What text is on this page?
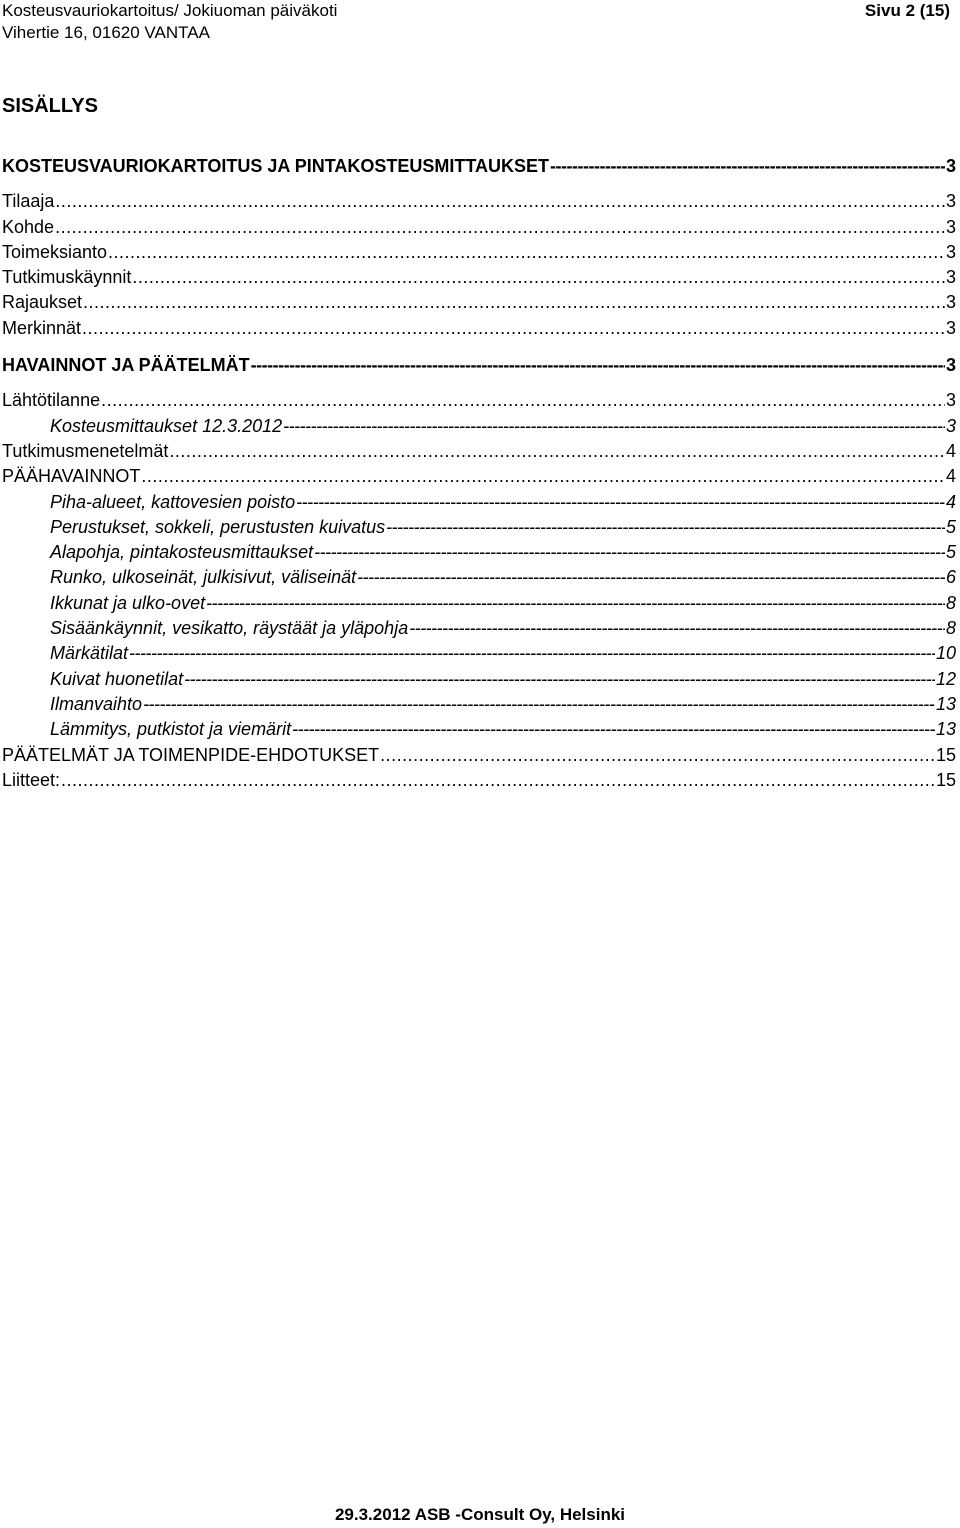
Kosteusvauriokartoitus/ Jokiuoman päiväkoti	Sivu 2 (15)
Vihertie 16, 01620 VANTAA
SISÄLLYS
KOSTEUSVAURIOKARTOITUS JA PINTAKOSTEUSMITTAUKSET -----	3
Tilaaja .....	3
Kohde .....	3
Toimeksianto .....	3
Tutkimuskäynnit .....	3
Rajaukset .....	3
Merkinnät .....	3
HAVAINNOT JA PÄÄTELMÄT -----	3
Lähtötilanne .....	3
Kosteusmittaukset 12.3.2012 -----	3
Tutkimusmenetelmät .....	4
PÄÄHAVAINNOT .....	4
Piha-alueet, kattovesien poisto -----	4
Perustukset, sokkeli, perustusten kuivatus -----	5
Alapohja, pintakosteusmittaukset -----	5
Runko, ulkoseinät, julkisivut, väliseinät -----	6
Ikkunat ja ulko-ovet -----	8
Sisäänkäynnit, vesikatto, räystäät ja yläpohja -----	8
Märkätilat -----	10
Kuivat huonetilat -----	12
Ilmanvaihto -----	13
Lämmitys, putkistot ja viemärit -----	13
PÄÄTELMÄT JA TOIMENPIDE-EHDOTUKSET .....	15
Liitteet: .....	15
29.3.2012 ASB -Consult Oy, Helsinki
